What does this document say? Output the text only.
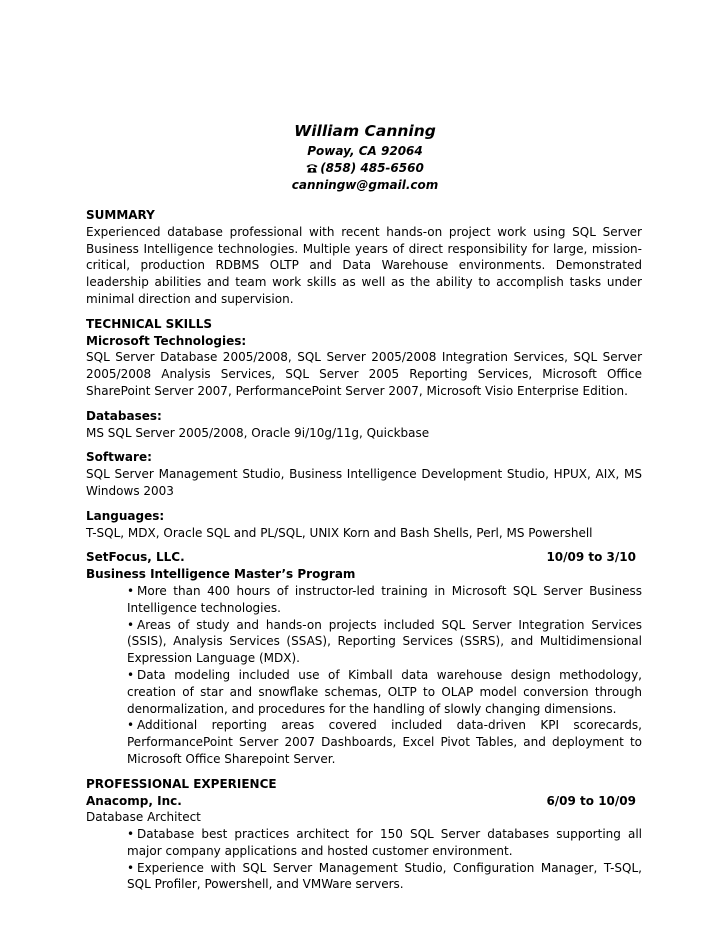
William Canning
Poway, CA 92064
(858) 485-6560
canningw@gmail.com
SUMMARY
Experienced database professional with recent hands-on project work using SQL Server Business Intelligence technologies. Multiple years of direct responsibility for large, mission-critical, production RDBMS OLTP and Data Warehouse environments. Demonstrated leadership abilities and team work skills as well as the ability to accomplish tasks under minimal direction and supervision.
TECHNICAL SKILLS
Microsoft Technologies:
SQL Server Database 2005/2008, SQL Server 2005/2008 Integration Services, SQL Server 2005/2008 Analysis Services, SQL Server 2005 Reporting Services, Microsoft Office SharePoint Server 2007, PerformancePoint Server 2007, Microsoft Visio Enterprise Edition.
Databases:
MS SQL Server 2005/2008, Oracle 9i/10g/11g, Quickbase
Software:
SQL Server Management Studio, Business Intelligence Development Studio, HPUX, AIX, MS Windows 2003
Languages:
T-SQL, MDX, Oracle SQL and PL/SQL, UNIX Korn and Bash Shells, Perl, MS Powershell
SetFocus, LLC.	10/09 to 3/10
Business Intelligence Master’s Program
• More than 400 hours of instructor-led training in Microsoft SQL Server Business Intelligence technologies.
• Areas of study and hands-on projects included SQL Server Integration Services (SSIS), Analysis Services (SSAS), Reporting Services (SSRS), and Multidimensional Expression Language (MDX).
• Data modeling included use of Kimball data warehouse design methodology, creation of star and snowflake schemas, OLTP to OLAP model conversion through denormalization, and procedures for the handling of slowly changing dimensions.
• Additional reporting areas covered included data-driven KPI scorecards, PerformancePoint Server 2007 Dashboards, Excel Pivot Tables, and deployment to Microsoft Office Sharepoint Server.
PROFESSIONAL EXPERIENCE
Anacomp, Inc.	6/09 to 10/09
Database Architect
• Database best practices architect for 150 SQL Server databases supporting all major company applications and hosted customer environment.
• Experience with SQL Server Management Studio, Configuration Manager, T-SQL, SQL Profiler, Powershell, and VMWare servers.
